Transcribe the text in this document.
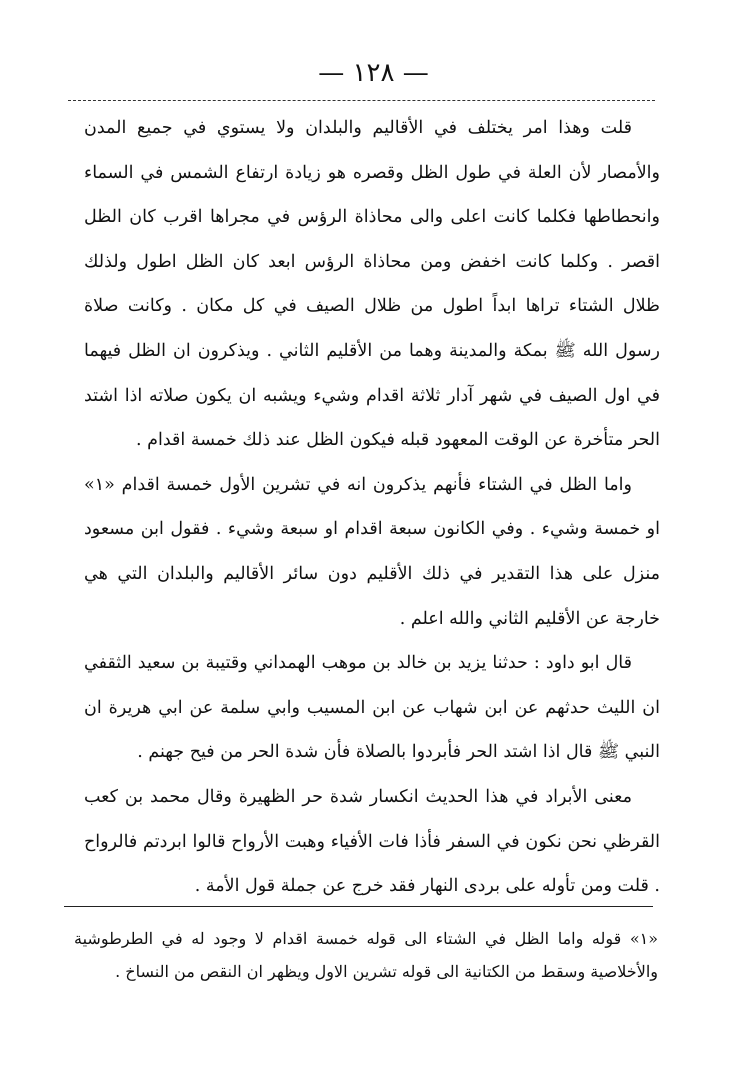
— ١٢٨ —

قلت وهذا امر يختلف في الأقاليم والبلدان ولا يستوي في جميع المدن والأمصار لأن العلة في طول الظل وقصره هو زيادة ارتفاع الشمس في السماء وانحطاطها فكلما كانت اعلى والى محاذاة الرؤس في مجراها اقرب كان الظل اقصر . وكلما كانت اخفض ومن محاذاة الرؤس ابعد كان الظل اطول ولذلك ظلال الشتاء تراها ابداً اطول من ظلال الصيف في كل مكان . وكانت صلاة رسول الله ﷺ بمكة والمدينة وهما من الأقليم الثاني . ويذكرون ان الظل فيهما في اول الصيف في شهر آدار ثلاثة اقدام وشيء ويشبه ان يكون صلاته اذا اشتد الحر متأخرة عن الوقت المعهود قبله فيكون الظل عند ذلك خمسة اقدام .

واما الظل في الشتاء فأنهم يذكرون انه في تشرين الأول خمسة اقدام «١» او خمسة وشيء . وفي الكانون سبعة اقدام او سبعة وشيء . فقول ابن مسعود منزل على هذا التقدير في ذلك الأقليم دون سائر الأقاليم والبلدان التي هي خارجة عن الأقليم الثاني والله اعلم .

قال ابو داود : حدثنا يزيد بن خالد بن موهب الهمداني وقتيبة بن سعيد الثقفي ان الليث حدثهم عن ابن شهاب عن ابن المسيب وابي سلمة عن ابي هريرة ان النبي ﷺ قال اذا اشتد الحر فأبردوا بالصلاة فأن شدة الحر من فيح جهنم .

معنى الأبراد في هذا الحديث انكسار شدة حر الظهيرة وقال محمد بن كعب القرظي نحن نكون في السفر فأذا فات الأفياء وهبت الأرواح قالوا ابردتم فالرواح . قلت ومن تأوله على بردى النهار فقد خرج عن جملة قول الأمة .

«١» قوله واما الظل في الشتاء الى قوله خمسة اقدام لا وجود له في الطرطوشية والأخلاصية وسقط من الكتانية الى قوله تشرين الاول ويظهر ان النقص من النساخ .
